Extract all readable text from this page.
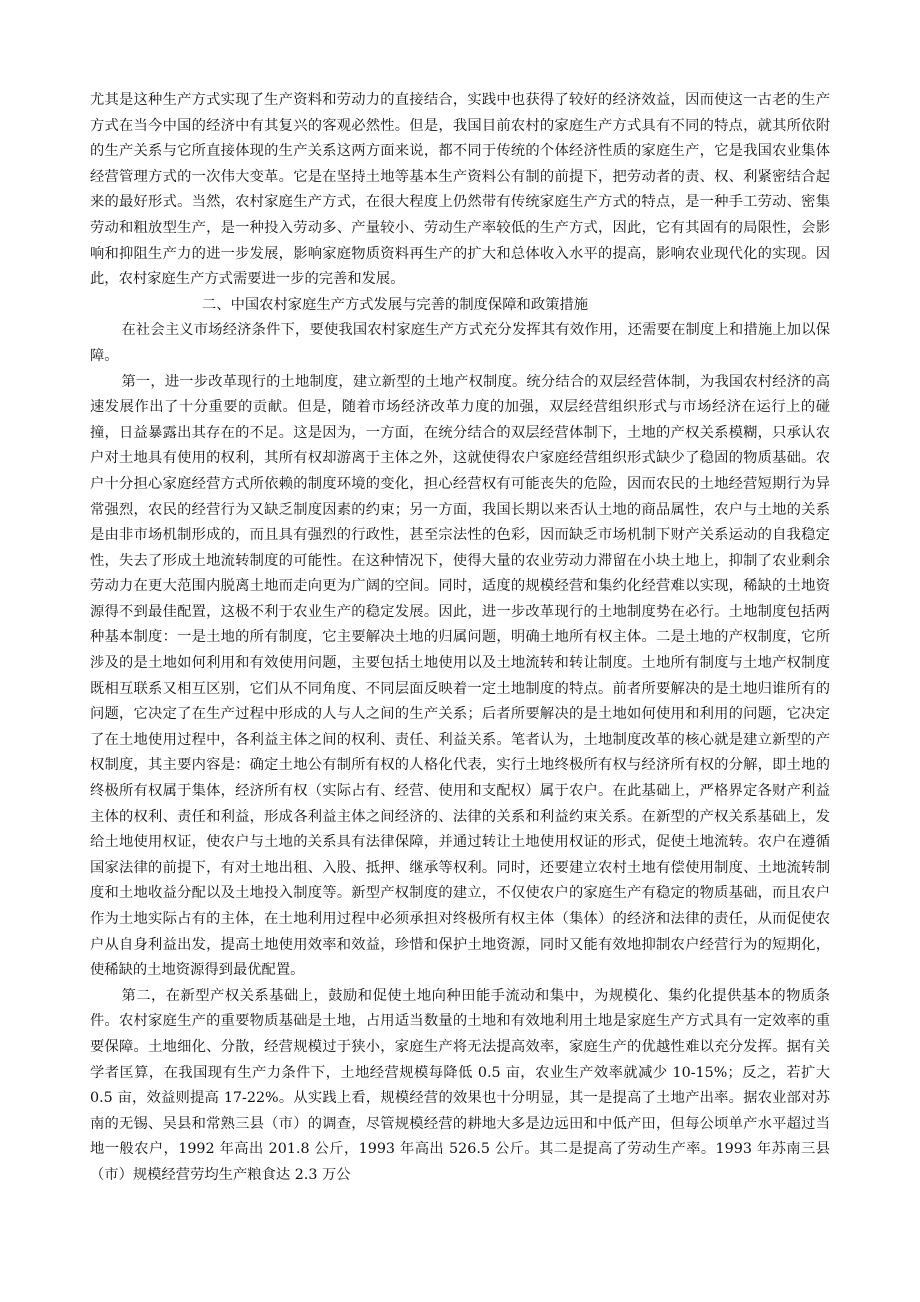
尤其是这种生产方式实现了生产资料和劳动力的直接结合，实践中也获得了较好的经济效益，因而使这一古老的生产方式在当今中国的经济中有其复兴的客观必然性。但是，我国目前农村的家庭生产方式具有不同的特点，就其所依附的生产关系与它所直接体现的生产关系这两方面来说，都不同于传统的个体经济性质的家庭生产，它是我国农业集体经营管理方式的一次伟大变革。它是在坚持土地等基本生产资料公有制的前提下，把劳动者的责、权、利紧密结合起来的最好形式。当然，农村家庭生产方式，在很大程度上仍然带有传统家庭生产方式的特点，是一种手工劳动、密集劳动和粗放型生产，是一种投入劳动多、产量较小、劳动生产率较低的生产方式，因此，它有其固有的局限性，会影响和抑阻生产力的进一步发展，影响家庭物质资料再生产的扩大和总体收入水平的提高，影响农业现代化的实现。因此，农村家庭生产方式需要进一步的完善和发展。

二、中国农村家庭生产方式发展与完善的制度保障和政策措施

在社会主义市场经济条件下，要使我国农村家庭生产方式充分发挥其有效作用，还需要在制度上和措施上加以保障。

第一，进一步改革现行的土地制度，建立新型的土地产权制度。统分结合的双层经营体制，为我国农村经济的高速发展作出了十分重要的贡献。但是，随着市场经济改革力度的加强，双层经营组织形式与市场经济在运行上的碰撞，日益暴露出其存在的不足。这是因为，一方面，在统分结合的双层经营体制下，土地的产权关系模糊，只承认农户对土地具有使用的权利，其所有权却游离于主体之外，这就使得农户家庭经营组织形式缺少了稳固的物质基础。农户十分担心家庭经营方式所依赖的制度环境的变化，担心经营权有可能丧失的危险，因而农民的土地经营短期行为异常强烈，农民的经营行为又缺乏制度因素的约束；另一方面，我国长期以来否认土地的商品属性，农户与土地的关系是由非市场机制形成的，而且具有强烈的行政性，甚至宗法性的色彩，因而缺乏市场机制下财产关系运动的自我稳定性，失去了形成土地流转制度的可能性。在这种情况下，使得大量的农业劳动力滞留在小块土地上，抑制了农业剩余劳动力在更大范围内脱离土地而走向更为广阔的空间。同时，适度的规模经营和集约化经营难以实现，稀缺的土地资源得不到最佳配置，这极不利于农业生产的稳定发展。因此，进一步改革现行的土地制度势在必行。土地制度包括两种基本制度：一是土地的所有制度，它主要解决土地的归属问题，明确土地所有权主体。二是土地的产权制度，它所涉及的是土地如何利用和有效使用问题，主要包括土地使用以及土地流转和转让制度。土地所有制度与土地产权制度既相互联系又相互区别，它们从不同角度、不同层面反映着一定土地制度的特点。前者所要解决的是土地归谁所有的问题，它决定了在生产过程中形成的人与人之间的生产关系；后者所要解决的是土地如何使用和利用的问题，它决定了在土地使用过程中，各利益主体之间的权利、责任、利益关系。笔者认为，土地制度改革的核心就是建立新型的产权制度，其主要内容是：确定土地公有制所有权的人格化代表，实行土地终极所有权与经济所有权的分解，即土地的终极所有权属于集体，经济所有权（实际占有、经营、使用和支配权）属于农户。在此基础上，严格界定各财产利益主体的权利、责任和利益，形成各利益主体之间经济的、法律的关系和利益约束关系。在新型的产权关系基础上，发给土地使用权证，使农户与土地的关系具有法律保障，并通过转让土地使用权证的形式，促使土地流转。农户在遵循国家法律的前提下，有对土地出租、入股、抵押、继承等权利。同时，还要建立农村土地有偿使用制度、土地流转制度和土地收益分配以及土地投入制度等。新型产权制度的建立，不仅使农户的家庭生产有稳定的物质基础，而且农户作为土地实际占有的主体，在土地利用过程中必须承担对终极所有权主体（集体）的经济和法律的责任，从而促使农户从自身利益出发，提高土地使用效率和效益，珍惜和保护土地资源，同时又能有效地抑制农户经营行为的短期化，使稀缺的土地资源得到最优配置。

第二，在新型产权关系基础上，鼓励和促使土地向种田能手流动和集中，为规模化、集约化提供基本的物质条件。农村家庭生产的重要物质基础是土地，占用适当数量的土地和有效地利用土地是家庭生产方式具有一定效率的重要保障。土地细化、分散，经营规模过于狭小，家庭生产将无法提高效率，家庭生产的优越性难以充分发挥。据有关学者匡算，在我国现有生产力条件下，土地经营规模每降低 0.5 亩，农业生产效率就减少 10-15%；反之，若扩大 0.5 亩，效益则提高 17-22%。从实践上看，规模经营的效果也十分明显，其一是提高了土地产出率。据农业部对苏南的无锡、吴县和常熟三县（市）的调查，尽管规模经营的耕地大多是边远田和中低产田，但每公顷单产水平超过当地一般农户，1992 年高出 201.8 公斤，1993 年高出 526.5 公斤。其二是提高了劳动生产率。1993 年苏南三县（市）规模经营劳均生产粮食达 2.3 万公
